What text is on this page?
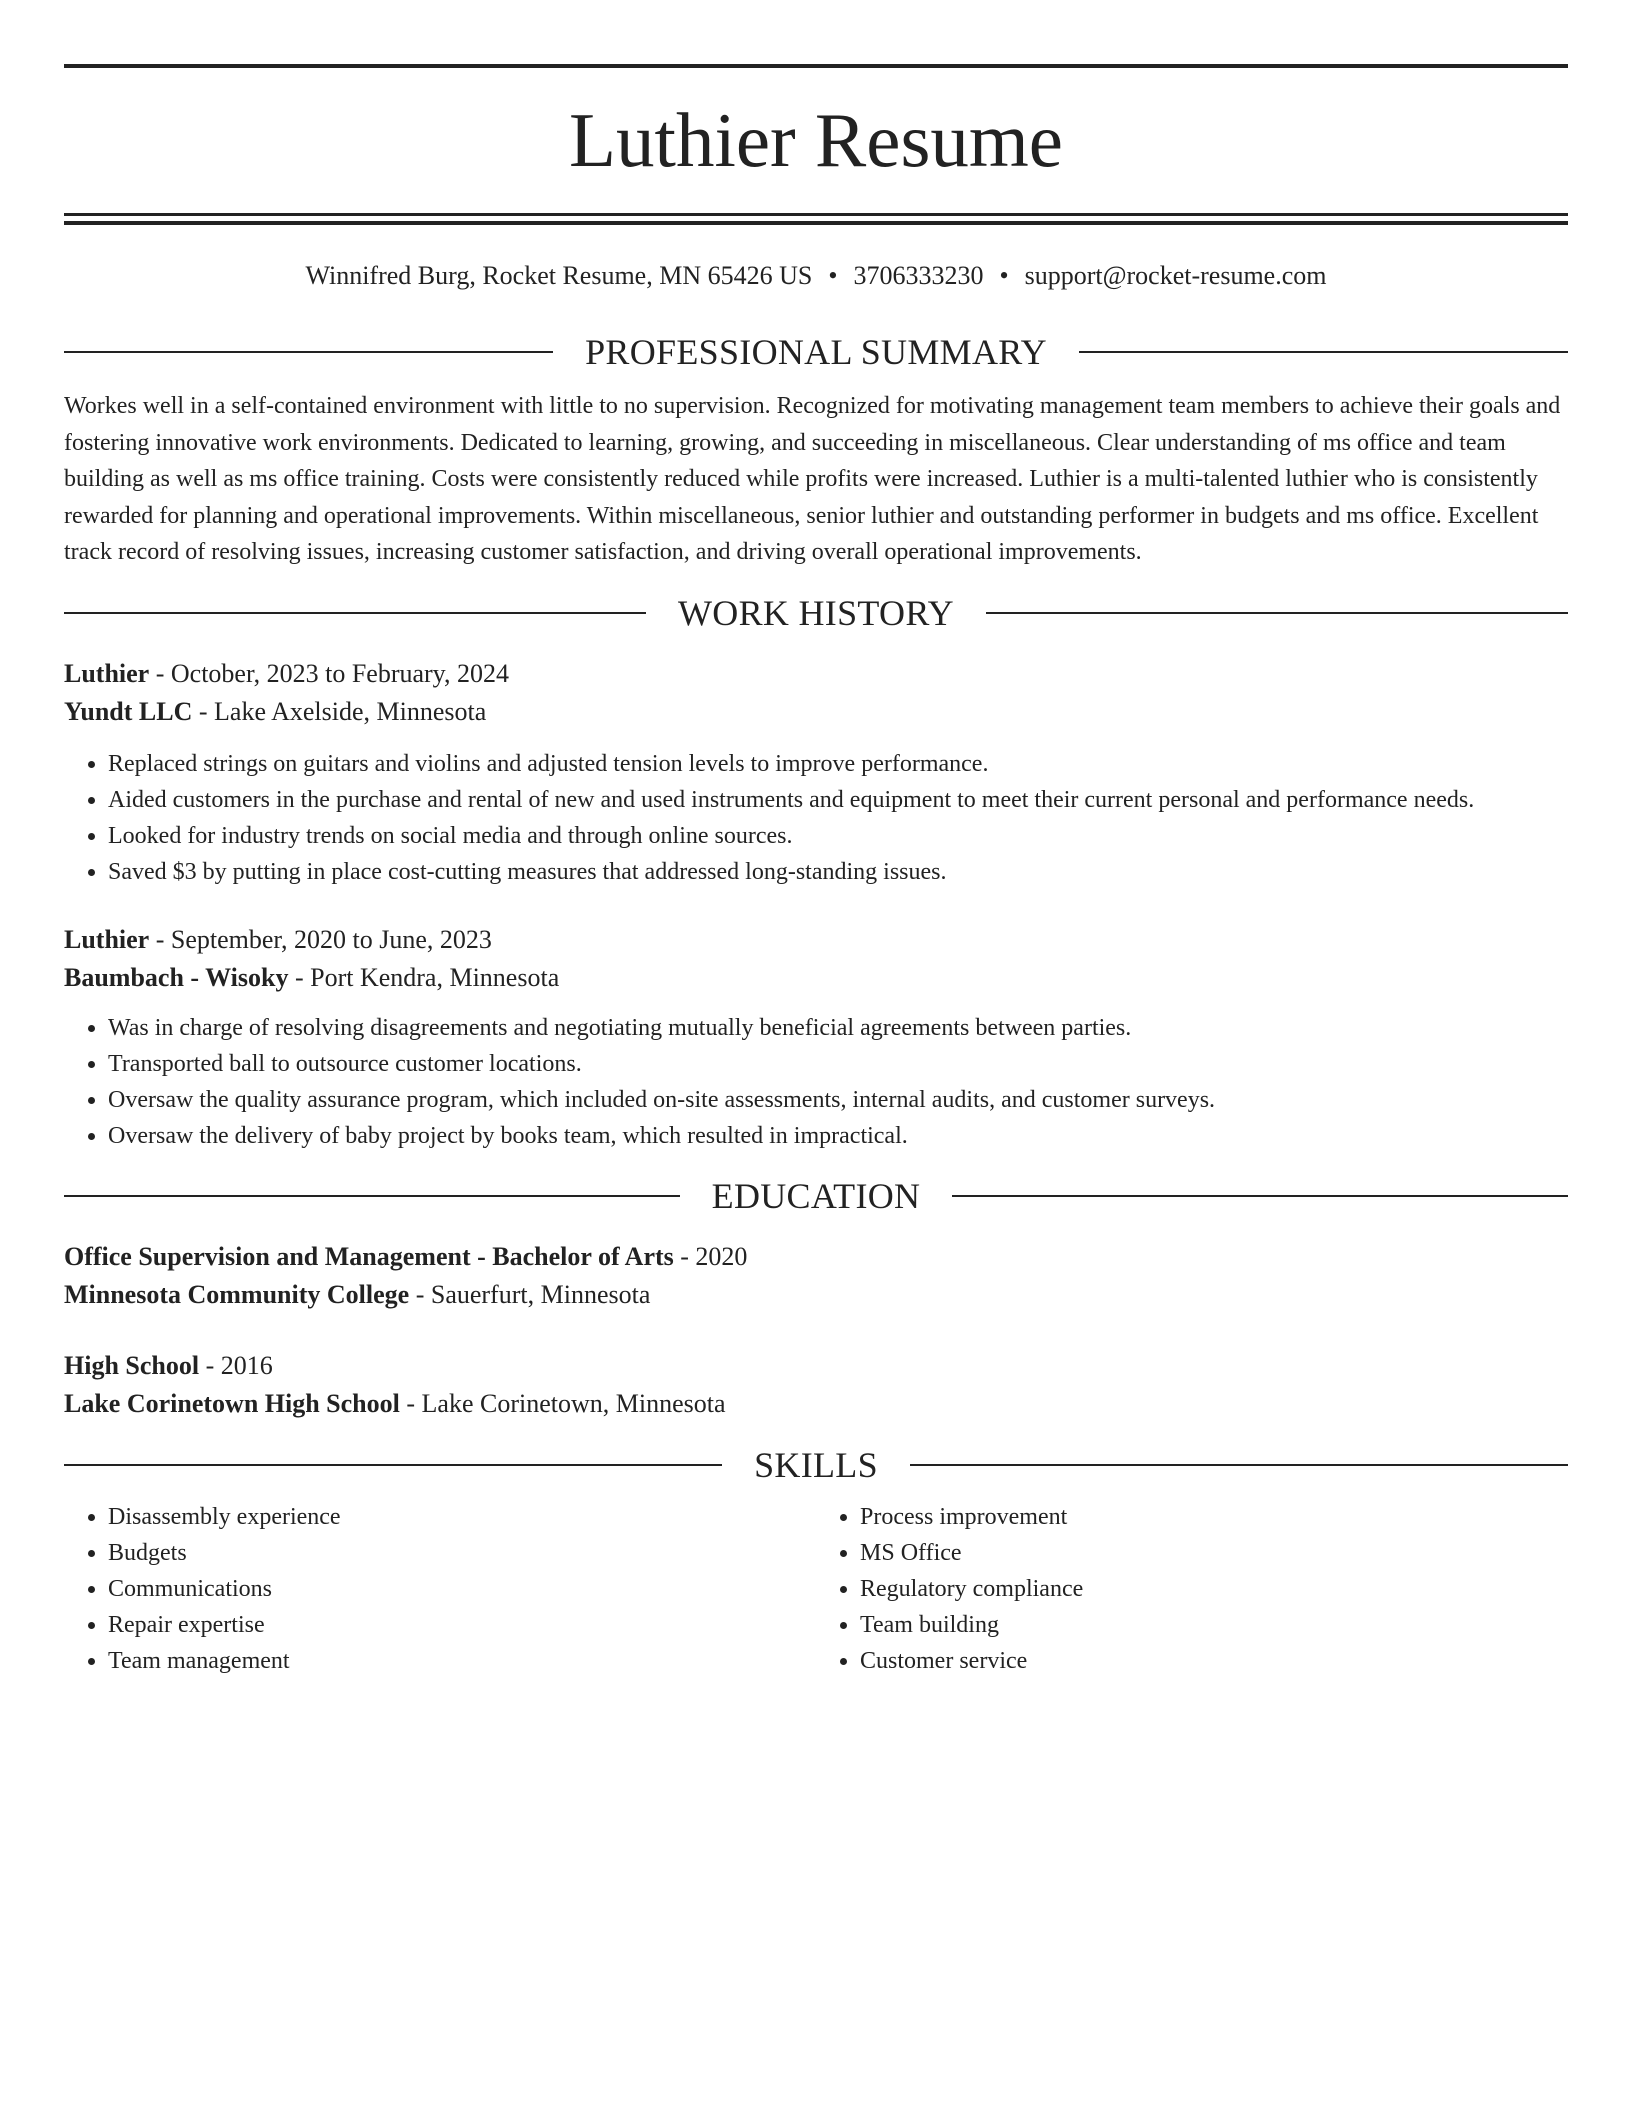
Luthier Resume
Winnifred Burg, Rocket Resume, MN 65426 US • 3706333230 • support@rocket-resume.com
PROFESSIONAL SUMMARY

Workes well in a self-contained environment with little to no supervision. Recognized for motivating management team members to achieve their goals and fostering innovative work environments. Dedicated to learning, growing, and succeeding in miscellaneous. Clear understanding of ms office and team building as well as ms office training. Costs were consistently reduced while profits were increased. Luthier is a multi-talented luthier who is consistently rewarded for planning and operational improvements. Within miscellaneous, senior luthier and outstanding performer in budgets and ms office. Excellent track record of resolving issues, increasing customer satisfaction, and driving overall operational improvements.

WORK HISTORY
Luthier - October, 2023 to February, 2024
Yundt LLC - Lake Axelside, Minnesota
• Replaced strings on guitars and violins and adjusted tension levels to improve performance.
• Aided customers in the purchase and rental of new and used instruments and equipment to meet their current personal and performance needs.
• Looked for industry trends on social media and through online sources.
• Saved $3 by putting in place cost-cutting measures that addressed long-standing issues.
Luthier - September, 2020 to June, 2023
Baumbach - Wisoky - Port Kendra, Minnesota
• Was in charge of resolving disagreements and negotiating mutually beneficial agreements between parties.
• Transported ball to outsource customer locations.
• Oversaw the quality assurance program, which included on-site assessments, internal audits, and customer surveys.
• Oversaw the delivery of baby project by books team, which resulted in impractical.
EDUCATION
Office Supervision and Management - Bachelor of Arts - 2020
Minnesota Community College - Sauerfurt, Minnesota
High School - 2016
Lake Corinetown High School - Lake Corinetown, Minnesota
SKILLS
• Disassembly experience
• Budgets
• Communications
• Repair expertise
• Team management
• Process improvement
• MS Office
• Regulatory compliance
• Team building
• Customer service
